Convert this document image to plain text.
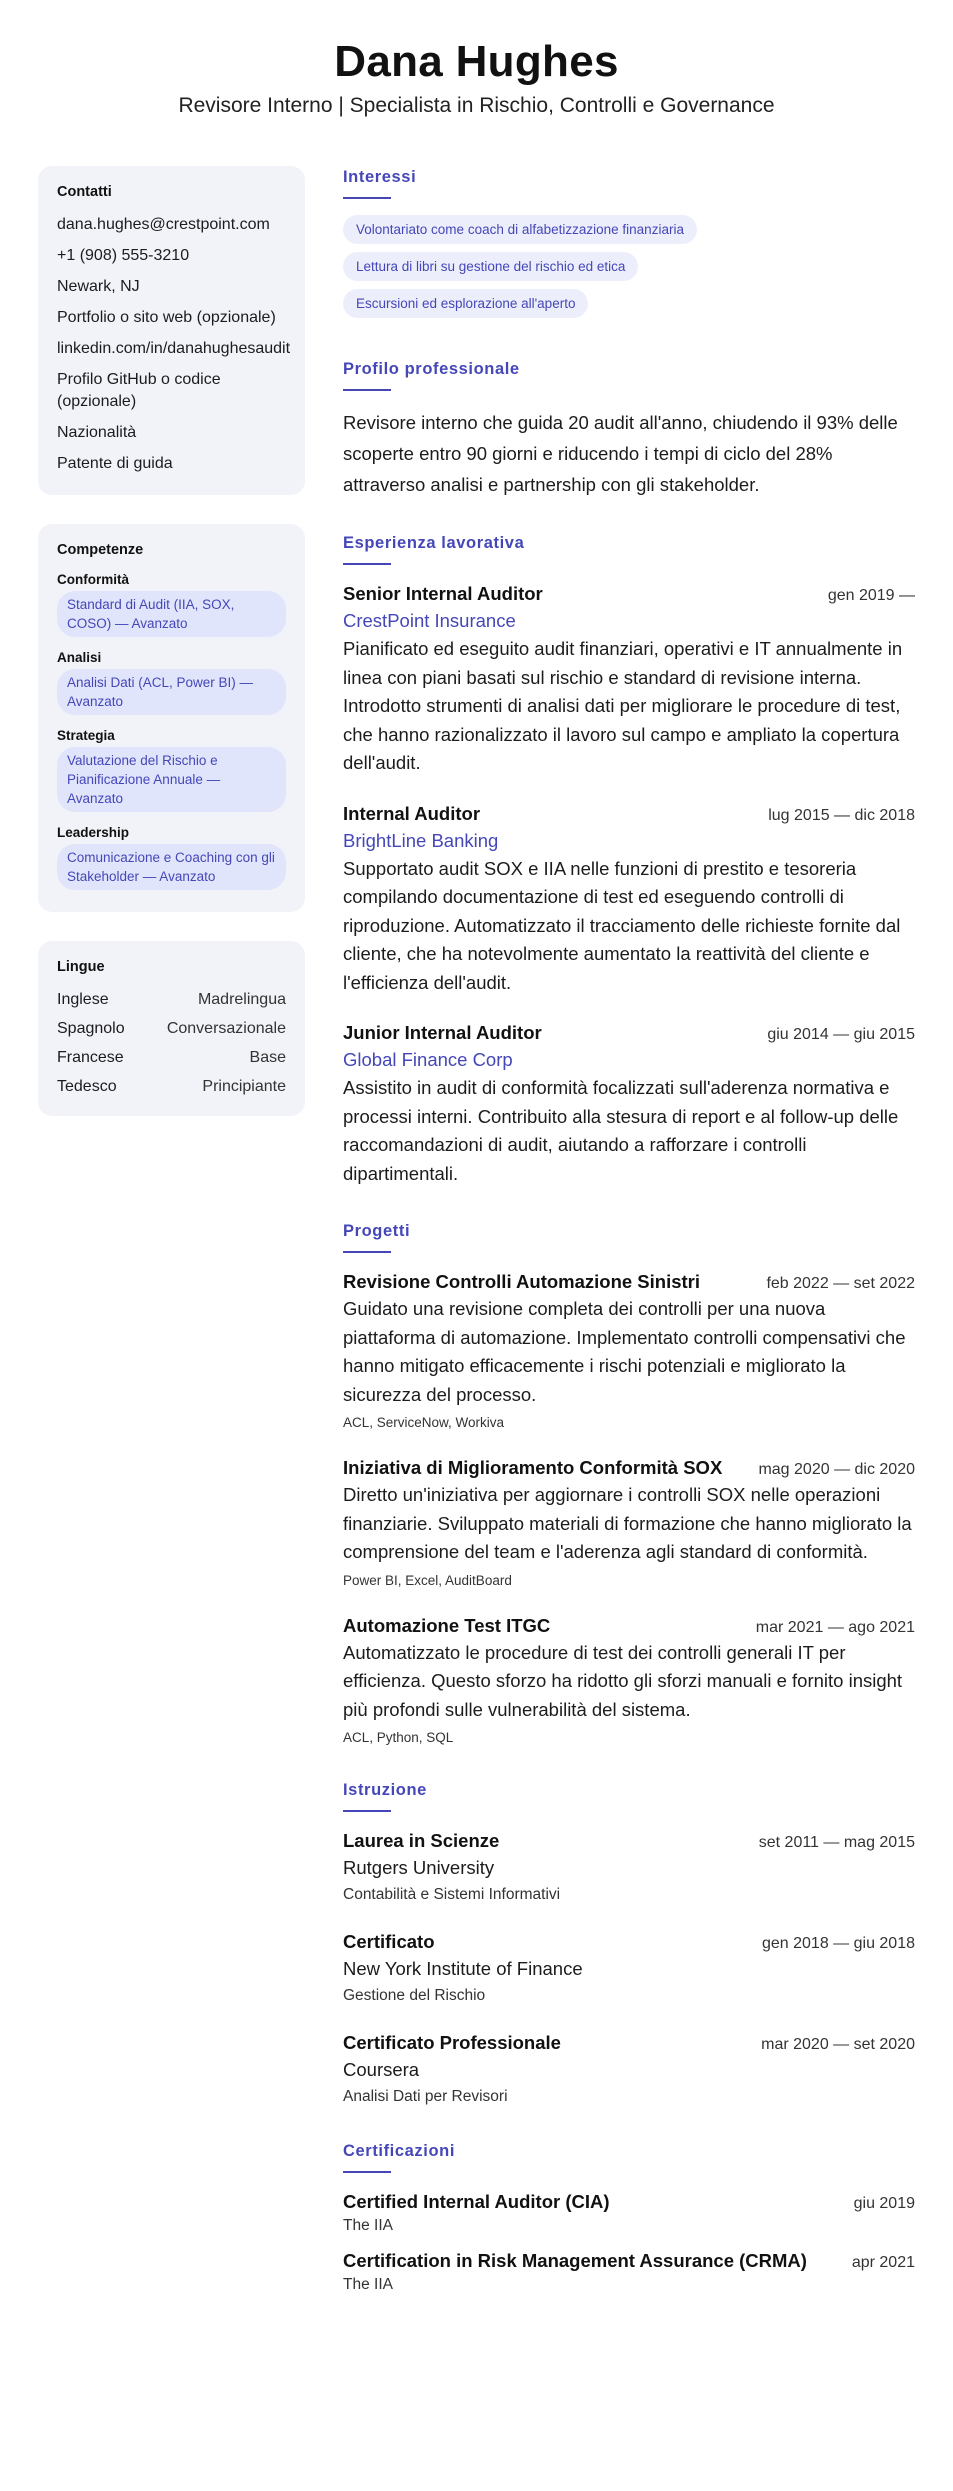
Dana Hughes
Revisore Interno | Specialista in Rischio, Controlli e Governance
Contatti
dana.hughes@crestpoint.com
+1 (908) 555-3210
Newark, NJ
Portfolio o sito web (opzionale)
linkedin.com/in/danahughesaudit
Profilo GitHub o codice (opzionale)
Nazionalità
Patente di guida
Competenze
Conformità
Standard di Audit (IIA, SOX, COSO) — Avanzato
Analisi
Analisi Dati (ACL, Power BI) — Avanzato
Strategia
Valutazione del Rischio e Pianificazione Annuale — Avanzato
Leadership
Comunicazione e Coaching con gli Stakeholder — Avanzato
Lingue
Inglese	Madrelingua
Spagnolo	Conversazionale
Francese	Base
Tedesco	Principiante
Interessi
Volontariato come coach di alfabetizzazione finanziaria
Lettura di libri su gestione del rischio ed etica
Escursioni ed esplorazione all'aperto
Profilo professionale

Revisore interno che guida 20 audit all'anno, chiudendo il 93% delle scoperte entro 90 giorni e riducendo i tempi di ciclo del 28% attraverso analisi e partnership con gli stakeholder.

Esperienza lavorativa
Senior Internal Auditor	gen 2019 —
CrestPoint Insurance

Pianificato ed eseguito audit finanziari, operativi e IT annualmente in linea con piani basati sul rischio e standard di revisione interna. Introdotto strumenti di analisi dati per migliorare le procedure di test, che hanno razionalizzato il lavoro sul campo e ampliato la copertura dell'audit.

Internal Auditor	lug 2015 — dic 2018
BrightLine Banking

Supportato audit SOX e IIA nelle funzioni di prestito e tesoreria compilando documentazione di test ed eseguendo controlli di riproduzione. Automatizzato il tracciamento delle richieste fornite dal cliente, che ha notevolmente aumentato la reattività del cliente e l'efficienza dell'audit.

Junior Internal Auditor	giu 2014 — giu 2015
Global Finance Corp

Assistito in audit di conformità focalizzati sull'aderenza normativa e processi interni. Contribuito alla stesura di report e al follow-up delle raccomandazioni di audit, aiutando a rafforzare i controlli dipartimentali.

Progetti
Revisione Controlli Automazione Sinistri	feb 2022 — set 2022

Guidato una revisione completa dei controlli per una nuova piattaforma di automazione. Implementato controlli compensativi che hanno mitigato efficacemente i rischi potenziali e migliorato la sicurezza del processo.

ACL, ServiceNow, Workiva
Iniziativa di Miglioramento Conformità SOX mag 2020 — dic 2020

Diretto un'iniziativa per aggiornare i controlli SOX nelle operazioni finanziarie. Sviluppato materiali di formazione che hanno migliorato la comprensione del team e l'aderenza agli standard di conformità.

Power BI, Excel, AuditBoard
Automazione Test ITGC	mar 2021 — ago 2021

Automatizzato le procedure di test dei controlli generali IT per efficienza. Questo sforzo ha ridotto gli sforzi manuali e fornito insight più profondi sulle vulnerabilità del sistema.

ACL, Python, SQL
Istruzione
Laurea in Scienze	set 2011 — mag 2015
Rutgers University
Contabilità e Sistemi Informativi
Certificato	gen 2018 — giu 2018
New York Institute of Finance
Gestione del Rischio
Certificato Professionale	mar 2020 — set 2020
Coursera
Analisi Dati per Revisori
Certificazioni
Certified Internal Auditor (CIA)	giu 2019
The IIA
Certification in Risk Management Assurance (CRMA)	apr 2021
The IIA
